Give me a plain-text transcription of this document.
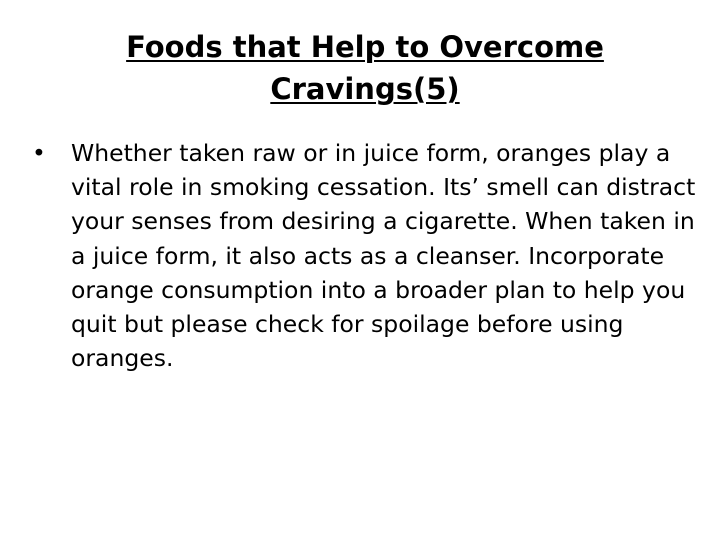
Foods that Help to Overcome Cravings(5)
• Whether taken raw or in juice form, oranges play a vital role in smoking cessation. Its’ smell can distract your senses from desiring a cigarette. When taken in a juice form, it also acts as a cleanser. Incorporate orange consumption into a broader plan to help you quit but please check for spoilage before using oranges.
